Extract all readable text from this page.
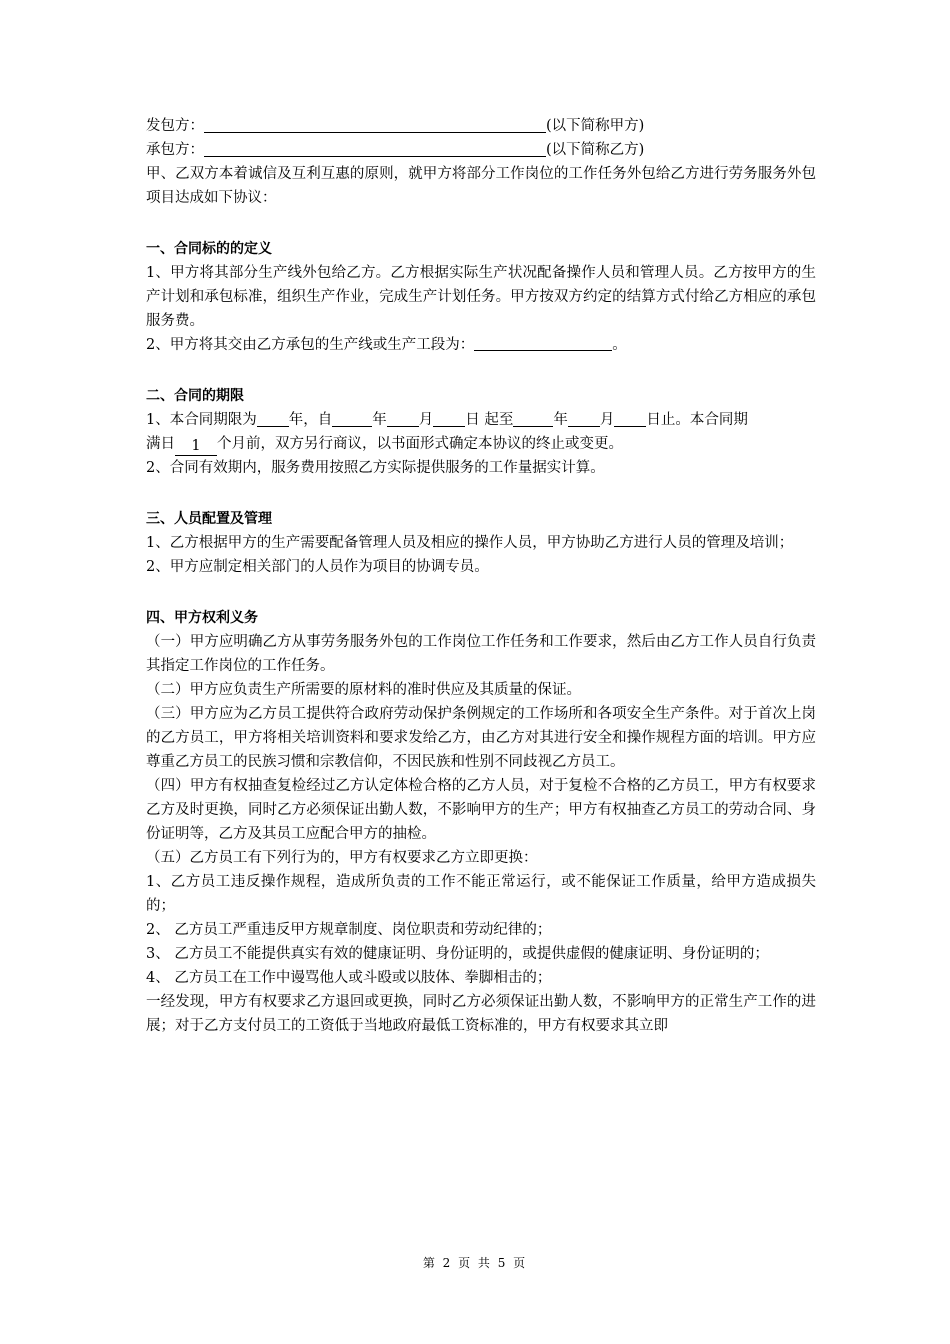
发包方：	(以下简称甲方)
承包方：	(以下简称乙方)
甲、乙双方本着诚信及互利互惠的原则，就甲方将部分工作岗位的工作任务外包给乙方进行劳务服务外包项目达成如下协议：
一、合同标的的定义
1、甲方将其部分生产线外包给乙方。乙方根据实际生产状况配备操作人员和管理人员。乙方按甲方的生产计划和承包标准，组织生产作业，完成生产计划任务。甲方按双方约定的结算方式付给乙方相应的承包服务费。
2、甲方将其交由乙方承包的生产线或生产工段为：	。
二、合同的期限
1、本合同期限为 年，自	年 月 日 起至	年 月 日止。本合同期
满日 1 个月前，双方另行商议，以书面形式确定本协议的终止或变更。
2、合同有效期内，服务费用按照乙方实际提供服务的工作量据实计算。
三、人员配置及管理
1、乙方根据甲方的生产需要配备管理人员及相应的操作人员，甲方协助乙方进行人员的管理及培训；
2、甲方应制定相关部门的人员作为项目的协调专员。
四、甲方权利义务
（一）甲方应明确乙方从事劳务服务外包的工作岗位工作任务和工作要求，然后由乙方工作人员自行负责其指定工作岗位的工作任务。
（二）甲方应负责生产所需要的原材料的准时供应及其质量的保证。
（三）甲方应为乙方员工提供符合政府劳动保护条例规定的工作场所和各项安全生产条件。对于首次上岗的乙方员工，甲方将相关培训资料和要求发给乙方，由乙方对其进行安全和操作规程方面的培训。甲方应尊重乙方员工的民族习惯和宗教信仰，不因民族和性别不同歧视乙方员工。
（四）甲方有权抽查复检经过乙方认定体检合格的乙方人员，对于复检不合格的乙方员工，甲方有权要求乙方及时更换，同时乙方必须保证出勤人数，不影响甲方的生产；甲方有权抽查乙方员工的劳动合同、身份证明等，乙方及其员工应配合甲方的抽检。
（五）乙方员工有下列行为的，甲方有权要求乙方立即更换：
1、乙方员工违反操作规程，造成所负责的工作不能正常运行，或不能保证工作质量，给甲方造成损失的；
2、 乙方员工严重违反甲方规章制度、岗位职责和劳动纪律的；
3、 乙方员工不能提供真实有效的健康证明、身份证明的，或提供虚假的健康证明、身份证明的；
4、 乙方员工在工作中谩骂他人或斗殴或以肢体、拳脚相击的；
一经发现，甲方有权要求乙方退回或更换，同时乙方必须保证出勤人数，不影响甲方的正常生产工作的进展；对于乙方支付员工的工资低于当地政府最低工资标准的，甲方有权要求其立即
第 2 页 共 5 页
